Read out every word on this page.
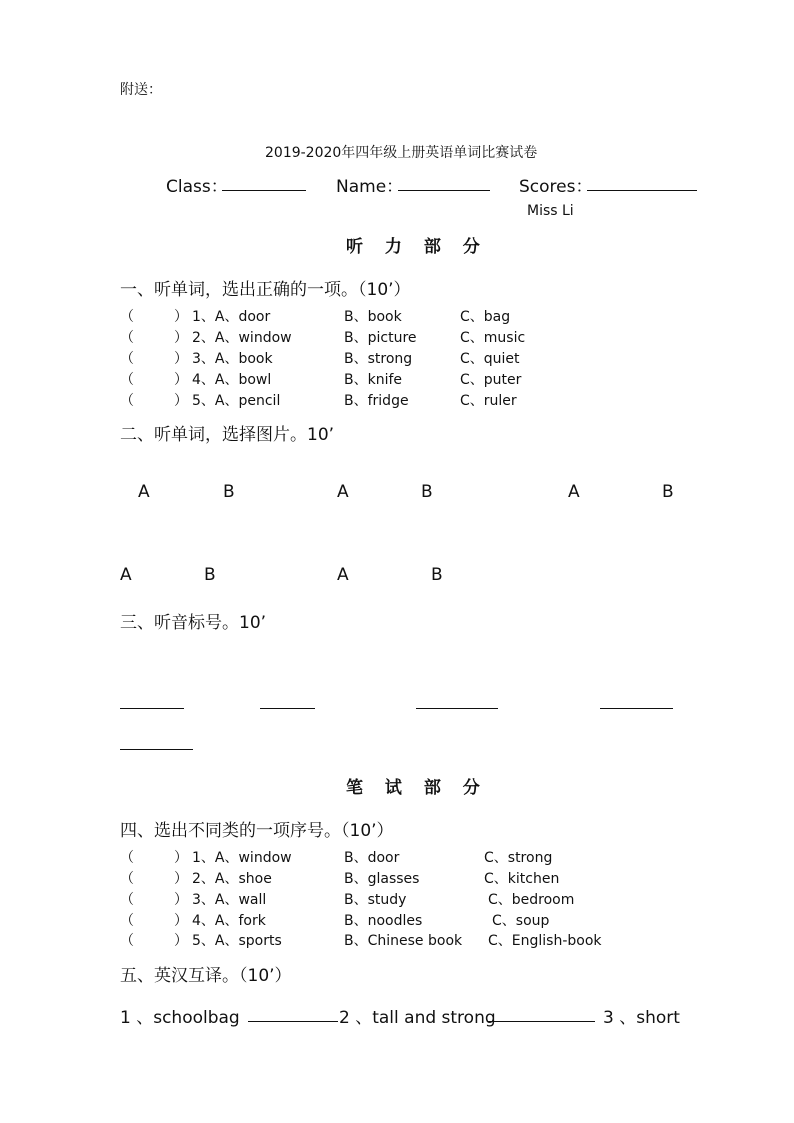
附送：
2019-2020年四年级上册英语单词比赛试卷
Class：	Name：	Scores：
Miss Li
听 力 部 分
一、听单词，选出正确的一项。（10’）
（	） 1、A、door	B、book	C、bag
（	） 2、A、window	B、picture	C、music
（	） 3、A、book	B、strong	C、quiet
（	） 4、A、bowl	B、knife	C、puter
（	） 5、A、pencil	B、fridge	C、ruler
二、听单词，选择图片。10’
A	B	A	B	A	B
A	B	A	B
三、听音标号。10’
笔 试 部 分
四、选出不同类的一项序号。（10’）
（	） 1、A、window	B、door	C、strong
（	） 2、A、shoe	B、glasses	C、kitchen
（	） 3、A、wall	B、study	C、bedroom
（	） 4、A、fork	B、noodles	C、soup
（	） 5、A、sports	B、Chinese book C、English-book
五、英汉互译。（10’）
1 、schoolbag	2 、tall and strong	3 、short
